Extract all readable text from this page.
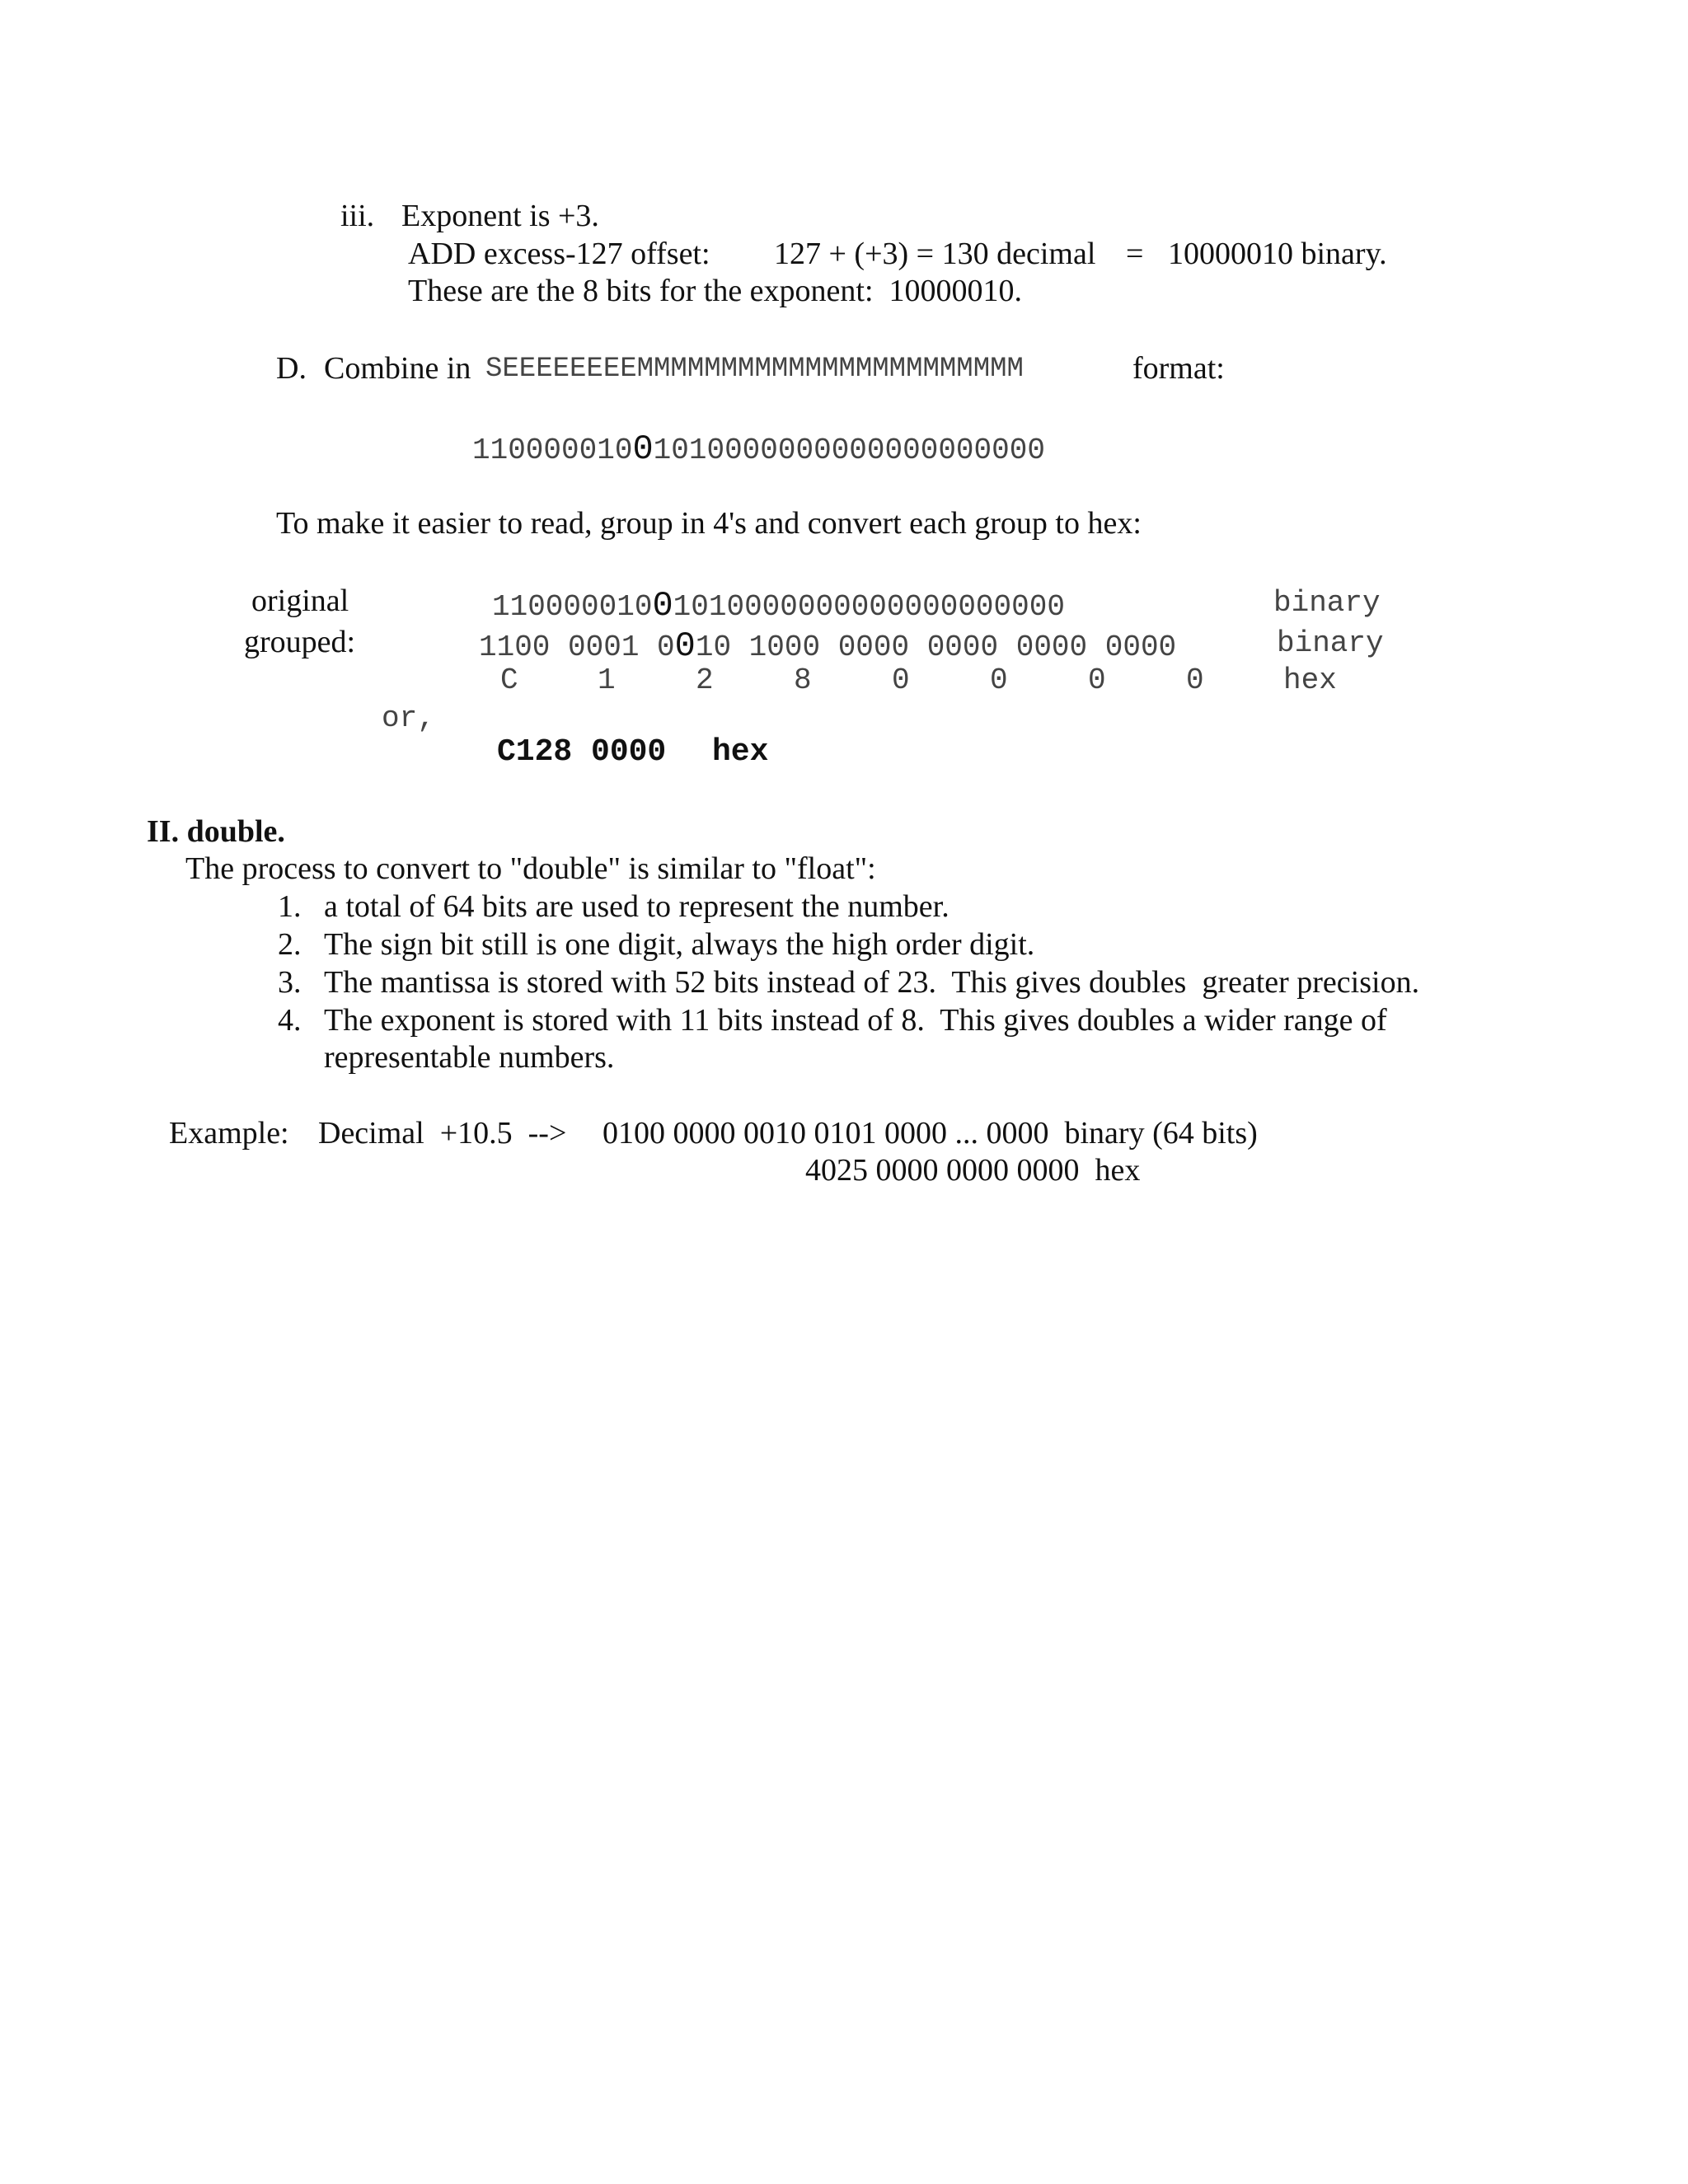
iii. Exponent is +3.
ADD excess-127 offset: 127 + (+3) = 130 decimal = 10000010 binary.
These are the 8 bits for the exponent:  10000010.
D. Combine in SEEEEEEEEMMMMMMMMMMMMMMMMMMMMMMM	format:
11000001001010000000000000000000
To make it easier to read, group in 4's and convert each group to hex:
original	11000001001010000000000000000000	binary
grouped:	1100 0001 0010 1000 0000 0000 0000 0000	binary
C	1	2	8	0	0	0	0	hex
or,
C128 0000 hex
II. double.
The process to convert to "double" is similar to "float":
1. a total of 64 bits are used to represent the number.
2. The sign bit still is one digit, always the high order digit.
3. The mantissa is stored with 52 bits instead of 23.  This gives doubles  greater precision.
4. The exponent is stored with 11 bits instead of 8.  This gives doubles a wider range of
representable numbers.
Example: Decimal  +10.5  --> 0100 0000 0010 0101 0000 ... 0000  binary (64 bits)
4025 0000 0000 0000  hex
